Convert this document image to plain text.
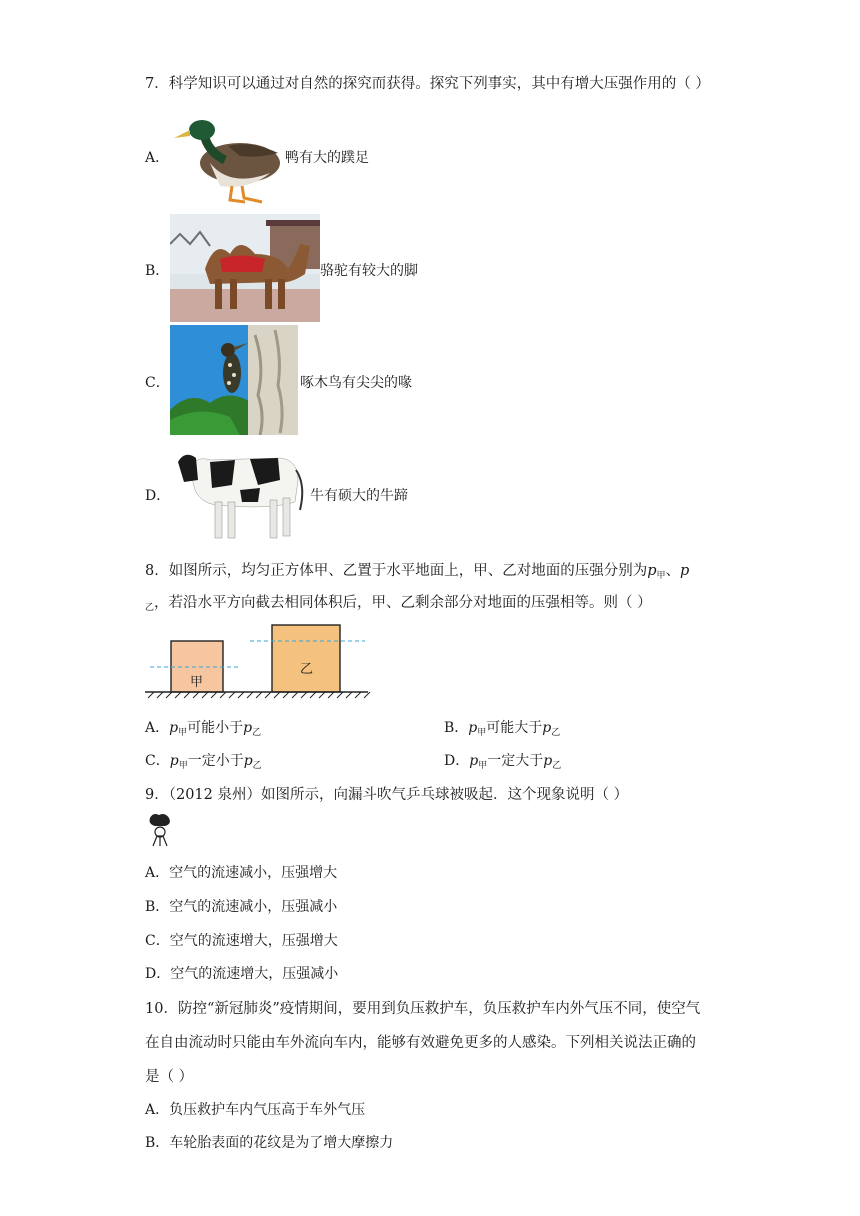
7．科学知识可以通过对自然的探究而获得。探究下列事实，其中有增大压强作用的（ ）
A．	鸭有大的蹼足
B．	骆驼有较大的脚
C．	啄木鸟有尖尖的喙
D．	牛有硕大的牛蹄
8．如图所示，均匀正方体甲、乙置于水平地面上，甲、乙对地面的压强分别为$p_甲$、p
$_乙$，若沿水平方向截去相同体积后，甲、乙剩余部分对地面的压强相等。则（ ）
甲
乙
A．$p_甲$可能小于$p_乙$	B．$p_甲$可能大于$p_乙$
C．$p_甲$一定小于$p_乙$	D．$p_甲$一定大于$p_乙$
9．（2012 泉州）如图所示，向漏斗吹气乒乓球被吸起．这个现象说明（ ）
A．空气的流速减小，压强增大
B．空气的流速减小，压强减小
C．空气的流速增大，压强增大
D．空气的流速增大，压强减小
10．防控“新冠肺炎”疫情期间，要用到负压救护车，负压救护车内外气压不同，使空气
在自由流动时只能由车外流向车内，能够有效避免更多的人感染。下列相关说法正确的
是（ ）
A．负压救护车内气压高于车外气压
B．车轮胎表面的花纹是为了增大摩擦力
